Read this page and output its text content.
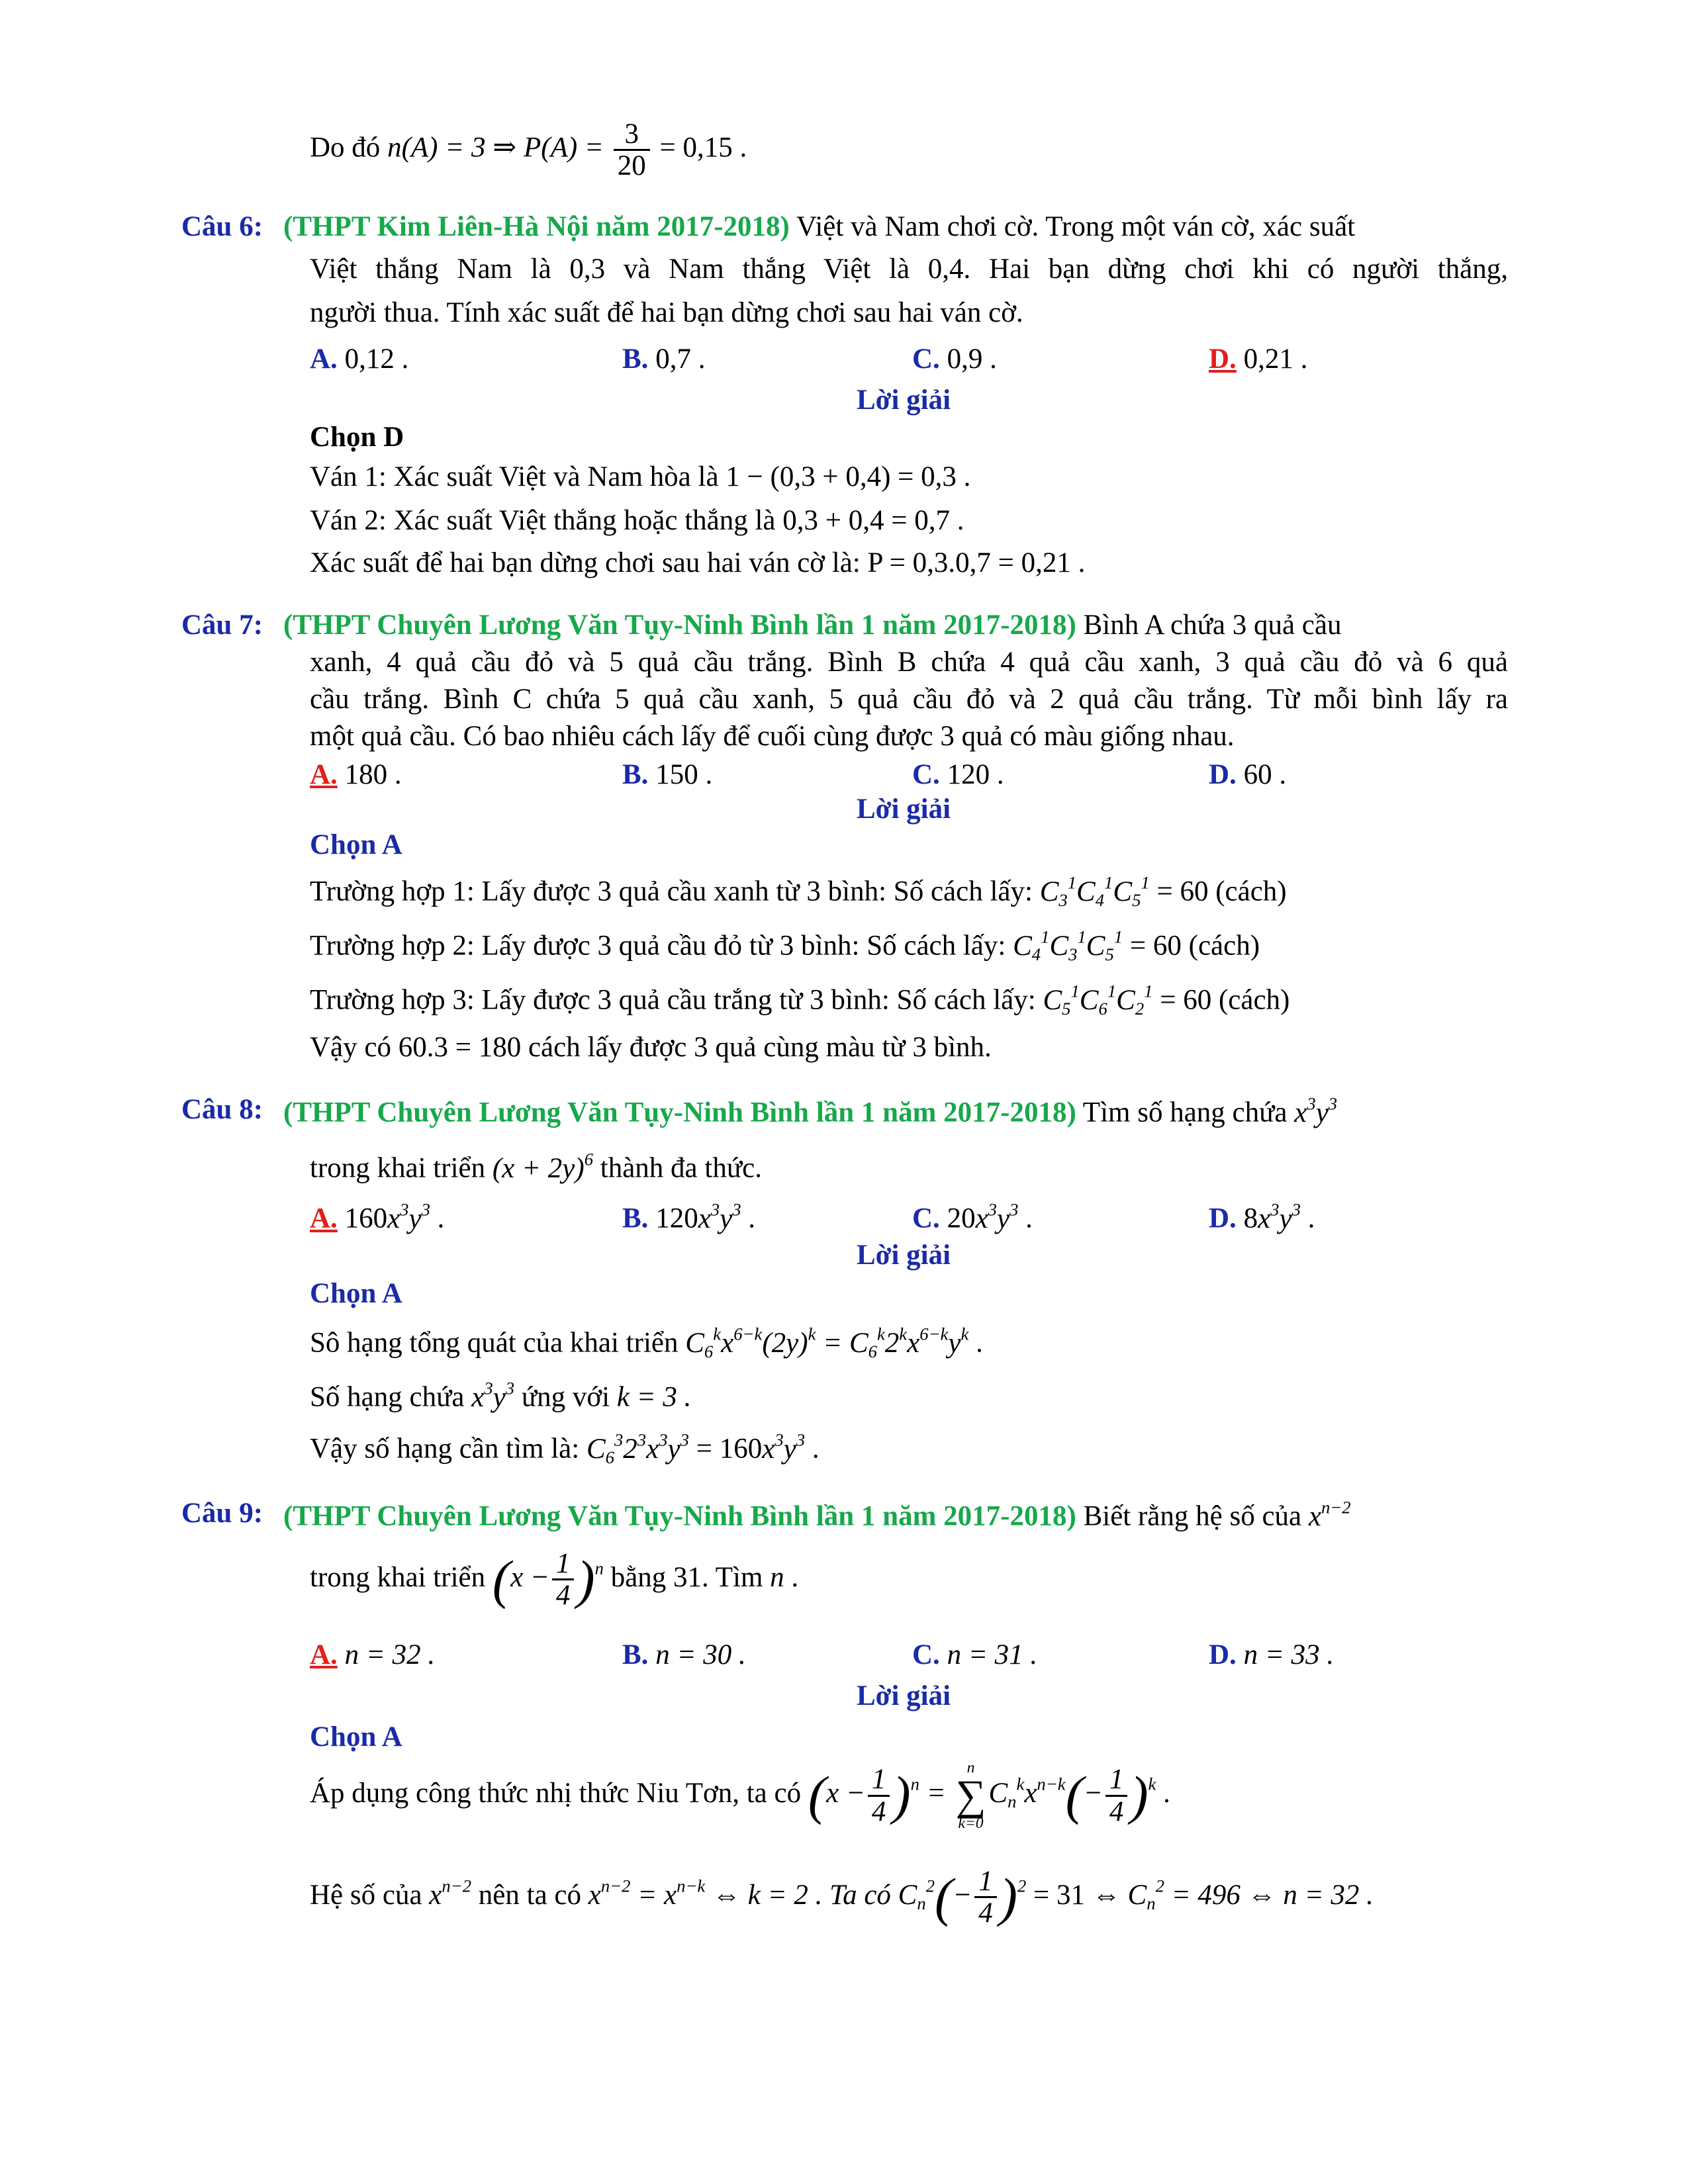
Do đó n(A) = 3 ⇒ $P(A) = \frac{3}{20} = 0,15$ .
Câu 6: (THPT Kim Liên-Hà Nội năm 2017-2018) Việt và Nam chơi cờ. Trong một ván cờ, xác suất
Việt thắng Nam là 0,3 và Nam thắng Việt là 0,4. Hai bạn dừng chơi khi có người thắng,
người thua. Tính xác suất để hai bạn dừng chơi sau hai ván cờ.
A. 0,12 .	B. 0,7 .	C. 0,9 .	D. 0,21 .
Lời giải
Chọn D
Ván 1: Xác suất Việt và Nam hòa là 1 − (0,3 + 0,4) = 0,3 .
Ván 2: Xác suất Việt thắng hoặc thắng là 0,3 + 0,4 = 0,7 .
Xác suất để hai bạn dừng chơi sau hai ván cờ là: P = 0,3.0,7 = 0,21 .
Câu 7: (THPT Chuyên Lương Văn Tụy-Ninh Bình lần 1 năm 2017-2018) Bình A chứa 3 quả cầu
xanh, 4 quả cầu đỏ và 5 quả cầu trắng. Bình B chứa 4 quả cầu xanh, 3 quả cầu đỏ và 6 quả
cầu trắng. Bình C chứa 5 quả cầu xanh, 5 quả cầu đỏ và 2 quả cầu trắng. Từ mỗi bình lấy ra
một quả cầu. Có bao nhiêu cách lấy để cuối cùng được 3 quả có màu giống nhau.
A. 180 .	B. 150 .	C. 120 .	D. 60 .
Lời giải
Chọn A
Trường hợp 1: Lấy được 3 quả cầu xanh từ 3 bình: Số cách lấy: $C_3^1C_4^1C_5^1 = 60$ (cách)
Trường hợp 2: Lấy được 3 quả cầu đỏ từ 3 bình: Số cách lấy: $C_4^1C_3^1C_5^1 = 60$ (cách)
Trường hợp 3: Lấy được 3 quả cầu trắng từ 3 bình: Số cách lấy: $C_5^1C_6^1C_2^1 = 60$ (cách)
Vậy có 60.3 = 180 cách lấy được 3 quả cùng màu từ 3 bình.
Câu 8: (THPT Chuyên Lương Văn Tụy-Ninh Bình lần 1 năm 2017-2018) Tìm số hạng chứa $x^3y^3$
trong khai triển $(x + 2y)^6$ thành đa thức.
A. $160x^3y^3$ .	B. $120x^3y^3$ .	C. $20x^3y^3$ .	D. $8x^3y^3$ .
Lời giải
Chọn A
Sô hạng tổng quát của khai triển $C_6^kx^{6-k}(2y)^k = C_6^k2^kx^{6-k}y^k$ .
Số hạng chứa $x^3y^3$ ứng với k = 3 .
Vậy số hạng cần tìm là: $C_6^32^3x^3y^3 = 160x^3y^3$ .
Câu 9: (THPT Chuyên Lương Văn Tụy-Ninh Bình lần 1 năm 2017-2018) Biết rằng hệ số của $x^{n-2}$
trong khai triển $(x - \frac{1}{4} )^n$ bằng 31. Tìm n .
A. n = 32 .	B. n = 30 .	C. n = 31 .	D. n = 33 .
Lời giải
Chọn A
Áp dụng công thức nhị thức Niu Tơn, ta có $(x - \frac{1}{4} )^n$ =
n
∑
k=0
$C_n^kx^{n-k}(- \frac{1}{4} )^k$ .
Hệ số của $x^{n-2}$ nên ta có $x^{n-2} = x^{n-k}$ ⇔ k = 2 . Ta có $C_n^2(- \frac{1}{4} )^2 = 31$ ⇔ $C_n^2 = 496$ ⇔ n = 32 .
